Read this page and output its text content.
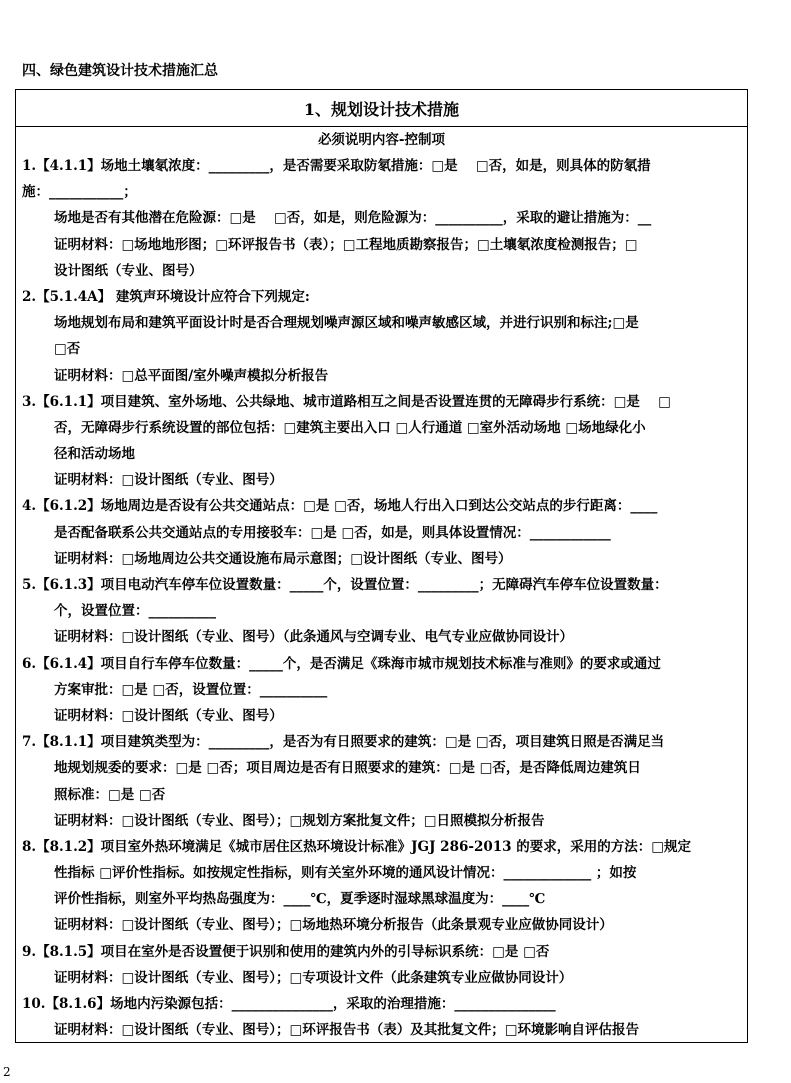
四、绿色建筑设计技术措施汇总
1、规划设计技术措施
必须说明内容-控制项
1.【4.1.1】场地土壤氡浓度：_________，是否需要采取防氡措施：□是　 □否，如是，则具体的防氡措
施：___________；
场地是否有其他潜在危险源：□是　 □否，如是，则危险源为：__________，采取的避让措施为：__
证明材料：□场地地形图；□环评报告书（表）；□工程地质勘察报告；□土壤氡浓度检测报告；□
设计图纸（专业、图号）
2.【5.1.4A】 建筑声环境设计应符合下列规定:
场地规划布局和建筑平面设计时是否合理规划噪声源区域和噪声敏感区域，并进行识别和标注;□是
□否
证明材料：□总平面图/室外噪声模拟分析报告
3.【6.1.1】项目建筑、室外场地、公共绿地、城市道路相互之间是否设置连贯的无障碍步行系统：□是　 □
否，无障碍步行系统设置的部位包括：□建筑主要出入口 □人行通道 □室外活动场地 □场地绿化小
径和活动场地
证明材料：□设计图纸（专业、图号）
4.【6.1.2】场地周边是否设有公共交通站点：□是 □否，场地人行出入口到达公交站点的步行距离：____
是否配备联系公共交通站点的专用接驳车：□是 □否，如是，则具体设置情况：____________
证明材料：□场地周边公共交通设施布局示意图；□设计图纸（专业、图号）
5.【6.1.3】项目电动汽车停车位设置数量：_____个，设置位置：_________；无障碍汽车停车位设置数量：
个，设置位置：__________
证明材料：□设计图纸（专业、图号）（此条通风与空调专业、电气专业应做协同设计）
6.【6.1.4】项目自行车停车位数量：_____个，是否满足《珠海市城市规划技术标准与准则》的要求或通过
方案审批：□是 □否，设置位置：__________
证明材料：□设计图纸（专业、图号）
7.【8.1.1】项目建筑类型为：_________，是否为有日照要求的建筑：□是 □否，项目建筑日照是否满足当
地规划规委的要求：□是 □否；项目周边是否有日照要求的建筑：□是 □否，是否降低周边建筑日
照标准：□是 □否
证明材料：□设计图纸（专业、图号）；□规划方案批复文件；□日照模拟分析报告
8.【8.1.2】项目室外热环境满足《城市居住区热环境设计标准》JGJ 286-2013 的要求，采用的方法：□规定
性指标 □评价性指标。如按规定性指标，则有关室外环境的通风设计情况：_____________ ；如按
评价性指标，则室外平均热岛强度为：____℃，夏季逐时湿球黑球温度为：____℃
证明材料：□设计图纸（专业、图号）；□场地热环境分析报告（此条景观专业应做协同设计）
9.【8.1.5】项目在室外是否设置便于识别和使用的建筑内外的引导标识系统：□是 □否
证明材料：□设计图纸（专业、图号）；□专项设计文件（此条建筑专业应做协同设计）
10.【8.1.6】场地内污染源包括：_______________，采取的治理措施：_______________
证明材料：□设计图纸（专业、图号）；□环评报告书（表）及其批复文件；□环境影响自评估报告
2
